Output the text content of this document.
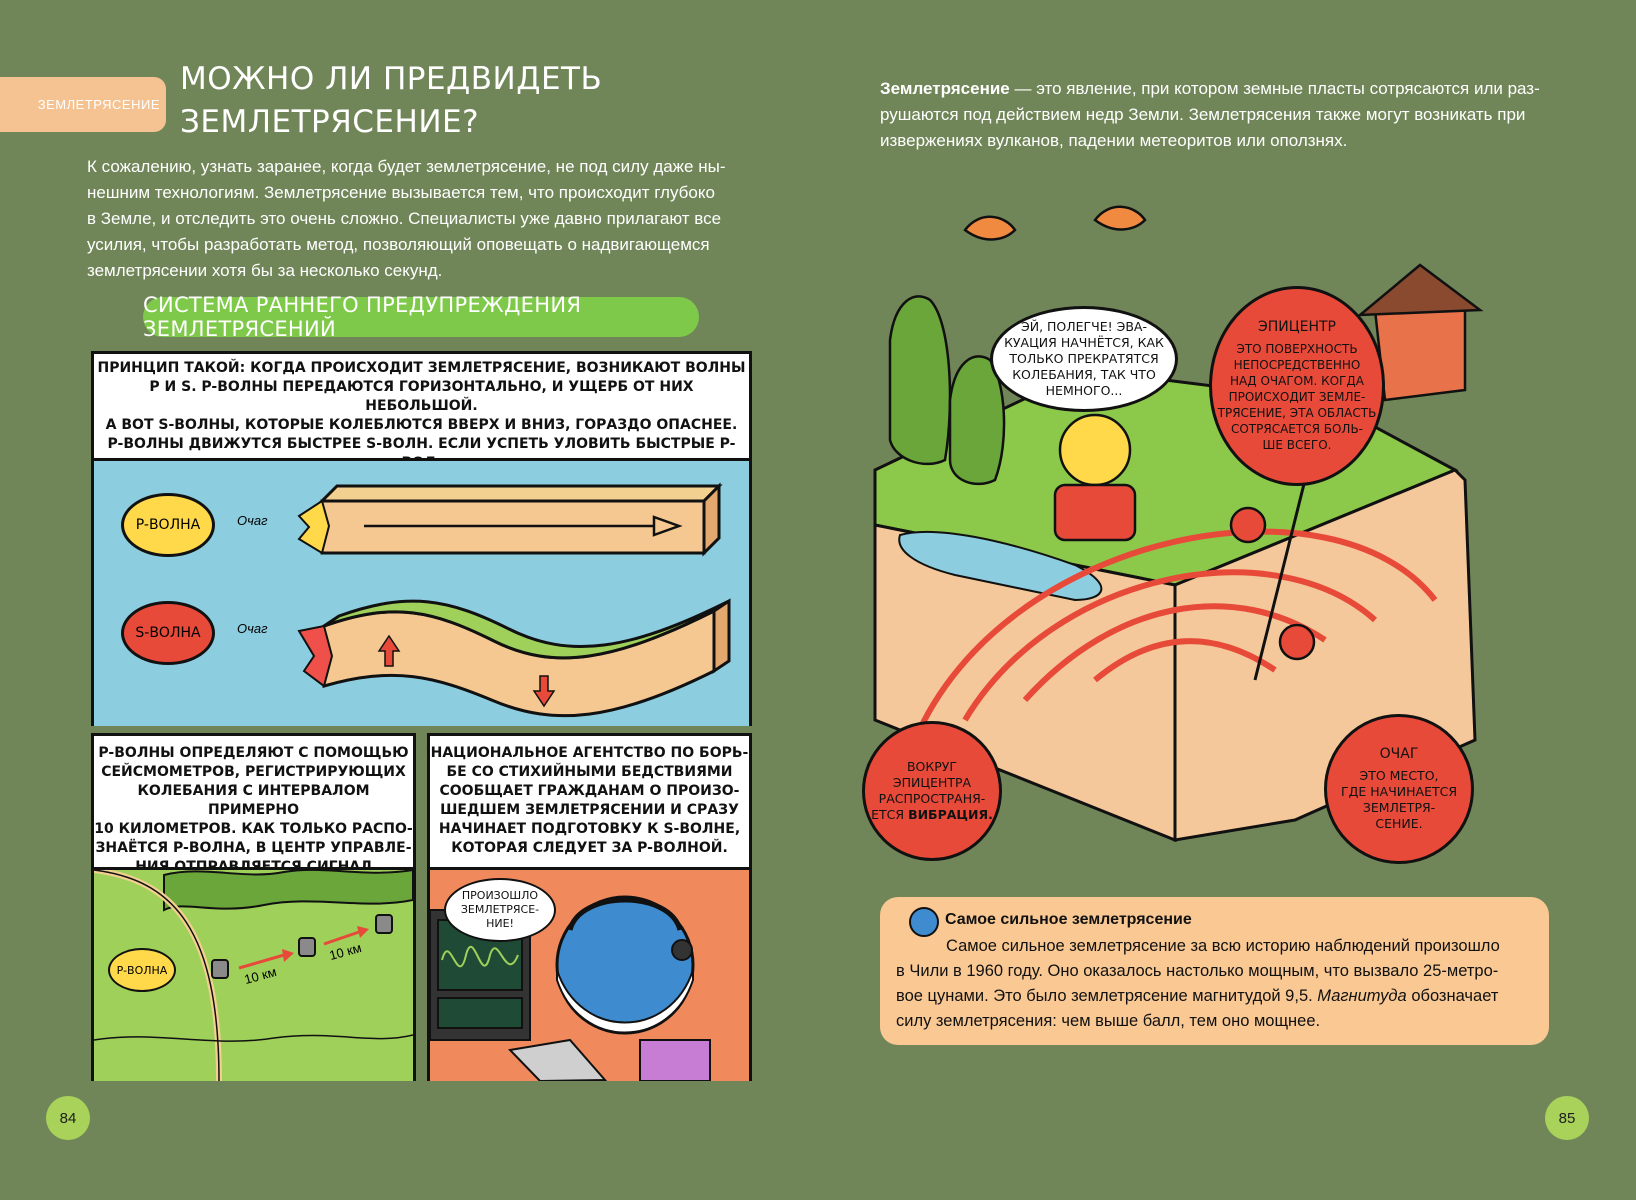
ЗЕМЛЕТРЯСЕНИЕ
МОЖНО ЛИ ПРЕДВИДЕТЬ
ЗЕМЛЕТРЯСЕНИЕ?
К сожалению, узнать заранее, когда будет землетрясение, не под силу даже ны-
нешним технологиям. Землетрясение вызывается тем, что происходит глубоко
в Земле, и отследить это очень сложно. Специалисты уже давно прилагают все
усилия, чтобы разработать метод, позволяющий оповещать о надвигающемся
землетрясении хотя бы за несколько секунд.
СИСТЕМА РАННЕГО ПРЕДУПРЕЖДЕНИЯ ЗЕМЛЕТРЯСЕНИЙ
ПРИНЦИП ТАКОЙ: КОГДА ПРОИСХОДИТ ЗЕМЛЕТРЯСЕНИЕ, ВОЗНИКАЮТ ВОЛНЫ
P И S. P-ВОЛНЫ ПЕРЕДАЮТСЯ ГОРИЗОНТАЛЬНО, И УЩЕРБ ОТ НИХ НЕБОЛЬШОЙ.
А ВОТ S-ВОЛНЫ, КОТОРЫЕ КОЛЕБЛЮТСЯ ВВЕРХ И ВНИЗ, ГОРАЗДО ОПАСНЕЕ.
P-ВОЛНЫ ДВИЖУТСЯ БЫСТРЕЕ S-ВОЛН. ЕСЛИ УСПЕТЬ УЛОВИТЬ БЫСТРЫЕ P-
P-ВОЛНА	Очаг
S-ВОЛНА	Очаг
P-ВОЛНЫ ОПРЕДЕЛЯЮТ С ПОМОЩЬЮ
СЕЙСМОМЕТРОВ, РЕГИСТРИРУЮЩИХ
КОЛЕБАНИЯ С ИНТЕРВАЛОМ ПРИМЕРНО
10 КИЛОМЕТРОВ. КАК ТОЛЬКО РАСПО-
ЗНАЁТСЯ P-ВОЛНА, В ЦЕНТР УПРАВЛЕ-
P-ВОЛНА	10 км
10 км
НАЦИОНАЛЬНОЕ АГЕНТСТВО ПО БОРЬ-
БЕ СО СТИХИЙНЫМИ БЕДСТВИЯМИ
СООБЩАЕТ ГРАЖДАНАМ О ПРОИЗО-
ШЕДШЕМ ЗЕМЛЕТРЯСЕНИИ И СРАЗУ
НАЧИНАЕТ ПОДГОТОВКУ К S-ВОЛНЕ,
КОТОРАЯ СЛЕДУЕТ ЗА P-ВОЛНОЙ.
ПРОИЗОШЛО
ЗЕМЛЕТРЯСЕ-
НИЕ!
84
Землетрясение — это явление, при котором земные пласты сотрясаются или раз-
рушаются под действием недр Земли. Землетрясения также могут возникать при
извержениях вулканов, падении метеоритов или оползнях.
ЭЙ, ПОЛЕГЧЕ! ЭВА-
КУАЦИЯ НАЧНЁТСЯ, КАК
ТОЛЬКО ПРЕКРАТЯТСЯ
КОЛЕБАНИЯ, ТАК ЧТО
НЕМНОГО...
ЭПИЦЕНТР
ЭТО ПОВЕРХНОСТЬ
НЕПОСРЕДСТВЕННО
НАД ОЧАГОМ. КОГДА
ПРОИСХОДИТ ЗЕМЛЕ-
ТРЯСЕНИЕ, ЭТА ОБЛАСТЬ
СОТРЯСАЕТСЯ БОЛЬ-
ШЕ ВСЕГО.
ВОКРУГ
ЭПИЦЕНТРА
РАСПРОСТРАНЯ-
ЕТСЯ ВИБРАЦИЯ.
ОЧАГ
ЭТО МЕСТО,
ГДЕ НАЧИНАЕТСЯ
ЗЕМЛЕТРЯ-
СЕНИЕ.
Самое сильное землетрясение
Самое сильное землетрясение за всю историю наблюдений произошло
в Чили в 1960 году. Оно оказалось настолько мощным, что вызвало 25-метро-
вое цунами. Это было землетрясение магнитудой 9,5. Магнитуда обозначает
силу землетрясения: чем выше балл, тем оно мощнее.
85
